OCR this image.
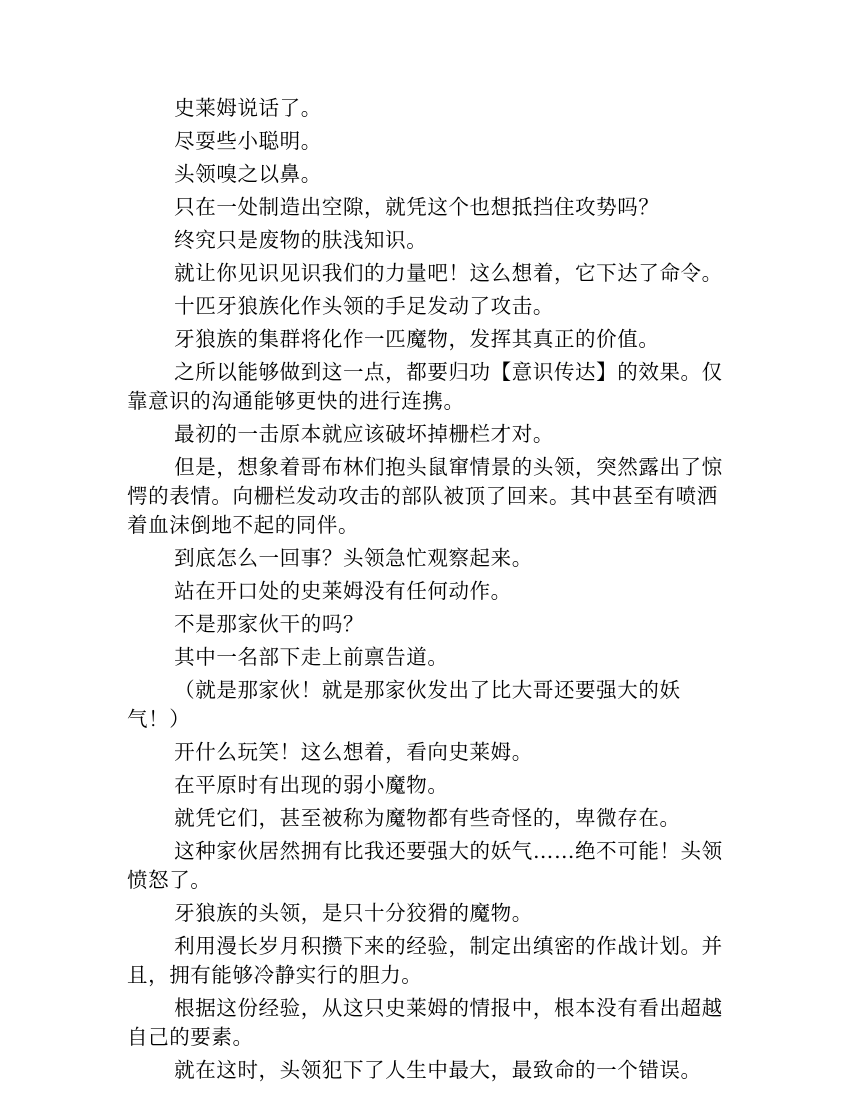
史莱姆说话了。

尽耍些小聪明。

头领嗅之以鼻。

只在一处制造出空隙，就凭这个也想抵挡住攻势吗？

终究只是废物的肤浅知识。

就让你见识见识我们的力量吧！这么想着，它下达了命令。

十匹牙狼族化作头领的手足发动了攻击。

牙狼族的集群将化作一匹魔物，发挥其真正的价值。

之所以能够做到这一点，都要归功【意识传达】的效果。仅靠意识的沟通能够更快的进行连携。

最初的一击原本就应该破坏掉栅栏才对。

但是，想象着哥布林们抱头鼠窜情景的头领，突然露出了惊愕的表情。向栅栏发动攻击的部队被顶了回来。其中甚至有喷洒着血沫倒地不起的同伴。

到底怎么一回事？头领急忙观察起来。

站在开口处的史莱姆没有任何动作。

不是那家伙干的吗？

其中一名部下走上前禀告道。

（就是那家伙！就是那家伙发出了比大哥还要强大的妖气！）

开什么玩笑！这么想着，看向史莱姆。

在平原时有出现的弱小魔物。

就凭它们，甚至被称为魔物都有些奇怪的，卑微存在。

这种家伙居然拥有比我还要强大的妖气……绝不可能！头领愤怒了。

牙狼族的头领，是只十分狡猾的魔物。

利用漫长岁月积攒下来的经验，制定出缜密的作战计划。并且，拥有能够冷静实行的胆力。

根据这份经验，从这只史莱姆的情报中，根本没有看出超越自己的要素。

就在这时，头领犯下了人生中最大，最致命的一个错误。
